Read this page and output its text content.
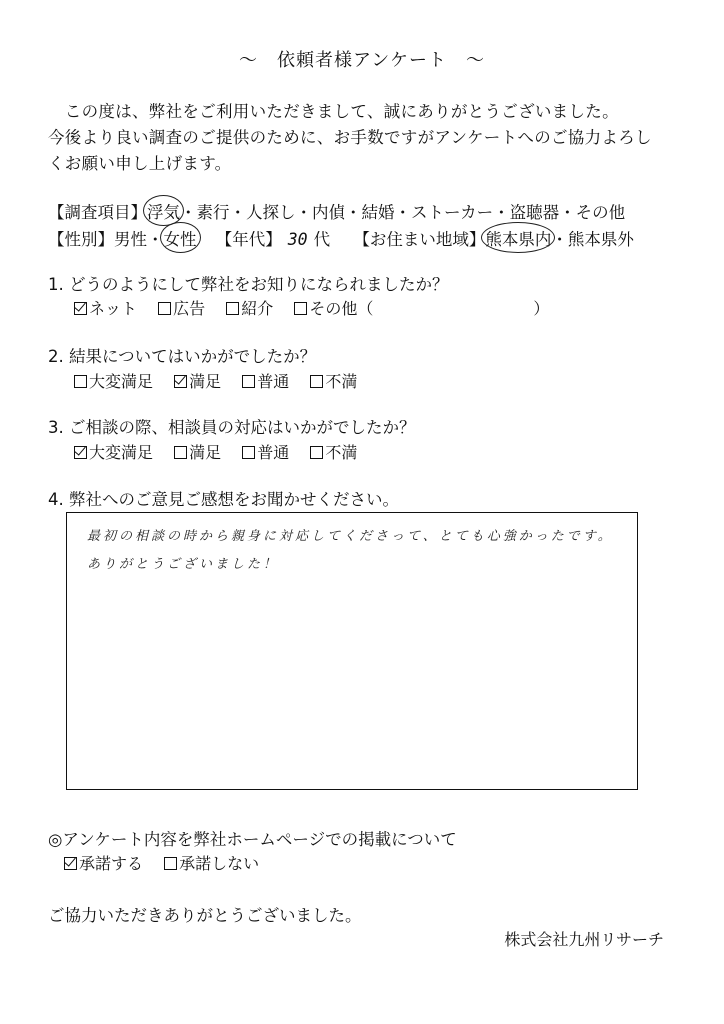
〜　依頼者様アンケート　〜
　この度は、弊社をご利用いただきまして、誠にありがとうございました。
今後より良い調査のご提供のために、お手数ですがアンケートへのご協力よろし
くお願い申し上げます。
【調査項目】浮気・素行・人探し・内偵・結婚・ストーカー・盗聴器・その他
【性別】男性・女性 【年代】 30 代 【お住まい地域】熊本県内・熊本県外
1. どうのようにして弊社をお知りになられましたか？
ネット 広告 紹介 その他（　　　　　　　　　　）
2. 結果についてはいかがでしたか？
大変満足 満足 普通 不満
3. ご相談の際、相談員の対応はいかがでしたか？
大変満足 満足 普通 不満
4. 弊社へのご意見ご感想をお聞かせください。
最初の相談の時から親身に対応してくださって、とても心強かったです。
ありがとうございました！
◎アンケート内容を弊社ホームページでの掲載について
承諾する 承諾しない
ご協力いただきありがとうございました。
株式会社九州リサーチ
